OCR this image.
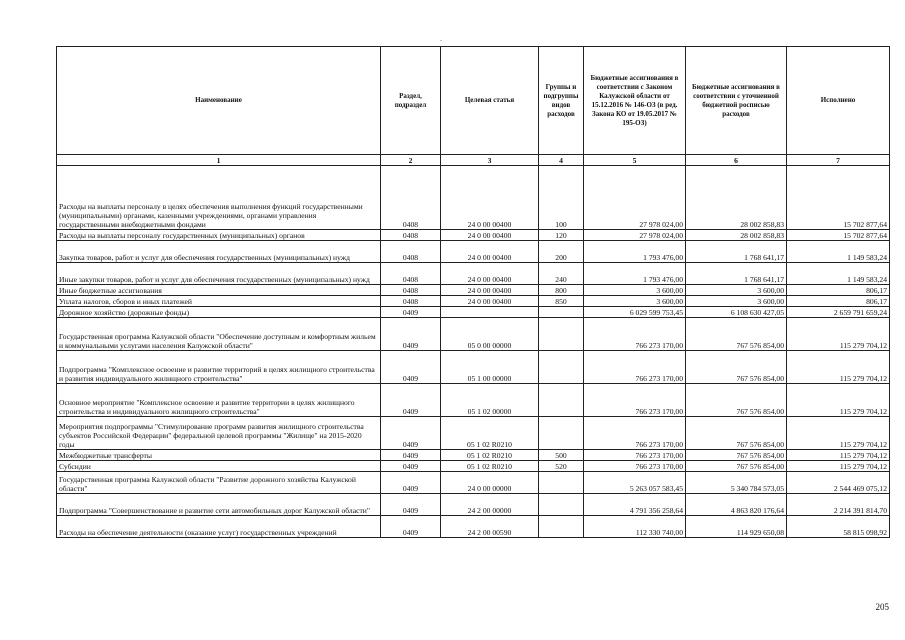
.
Наименование	Раздел, подраздел	Целевая статья	Группы и подгруппы видов расходов	Бюджетные ассигнования в соответствии с Законом Калужской области от 15.12.2016 № 146-ОЗ (в ред. Закона КО от 19.05.2017 № 195-ОЗ)	Бюджетные ассигнования в соответствии с уточненной бюджетной росписью расходов	Исполнено
1	2	3	4	5	6	7
Расходы на выплаты персоналу в целях обеспечения выполнения функций государственными (муниципальными) органами, казенными учреждениями, органами управления государственными внебюджетными фондами	0408	24 0 00 00400	100	27 978 024,00	28 002 858,83	15 702 877,64
Расходы на выплаты персоналу государственных (муниципальных) органов	0408	24 0 00 00400	120	27 978 024,00	28 002 858,83	15 702 877,64
Закупка товаров, работ и услуг для обеспечения государственных (муниципальных) нужд	0408	24 0 00 00400	200	1 793 476,00	1 768 641,17	1 149 583,24
Иные закупки товаров, работ и услуг для обеспечения государственных (муниципальных) нужд	0408	24 0 00 00400	240	1 793 476,00	1 768 641,17	1 149 583,24
Иные бюджетные ассигнования	0408	24 0 00 00400	800	3 600,00	3 600,00	806,17
Уплата налогов, сборов и иных платежей	0408	24 0 00 00400	850	3 600,00	3 600,00	806,17
Дорожное хозяйство (дорожные фонды)	0409			6 029 599 753,45	6 108 630 427,05	2 659 791 659,24
Государственная программа Калужской области "Обеспечение доступным и комфортным жильем и коммунальными услугами населения Калужской области"	0409	05 0 00 00000		766 273 170,00	767 576 854,00	115 279 704,12
Подпрограмма "Комплексное освоение и развитие территорий в целях жилищного строительства и развития индивидуального жилищного строительства"	0409	05 1 00 00000		766 273 170,00	767 576 854,00	115 279 704,12
Основное мероприятие "Комплексное освоение и развитие территории в целях жилищного строительства и индивидуального жилищного строительства"	0409	05 1 02 00000		766 273 170,00	767 576 854,00	115 279 704,12
Мероприятия подпрограммы "Стимулирование программ развития жилищного строительства субъектов Российской Федерации" федеральной целевой программы "Жилище" на 2015-2020 годы	0409	05 1 02 R0210		766 273 170,00	767 576 854,00	115 279 704,12
Межбюджетные трансферты	0409	05 1 02 R0210	500	766 273 170,00	767 576 854,00	115 279 704,12
Субсидии	0409	05 1 02 R0210	520	766 273 170,00	767 576 854,00	115 279 704,12
Государственная программа Калужской области "Развитие дорожного хозяйства Калужской области"	0409	24 0 00 00000		5 263 057 583,45	5 340 784 573,05	2 544 469 075,12
Подпрограмма "Совершенствование и развитие сети автомобильных дорог Калужской области"	0409	24 2 00 00000		4 791 356 258,64	4 863 820 176,64	2 214 391 814,70
Расходы на обеспечение деятельности (оказание услуг) государственных учреждений	0409	24 2 00 00590		112 330 740,00	114 929 650,08	58 815 098,92
205
